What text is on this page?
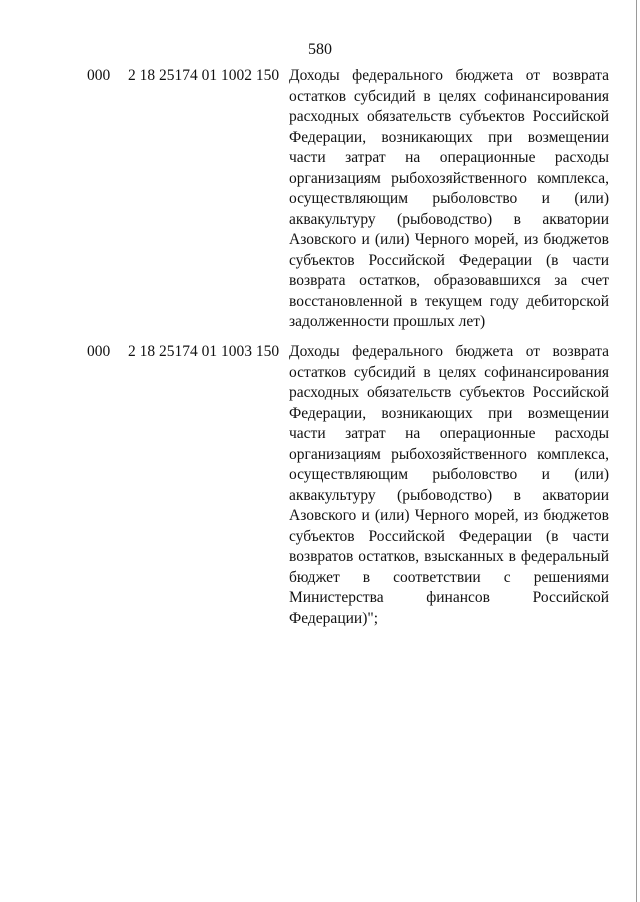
580
000 2 18 25174 01 1002 150 Доходы федерального бюджета от возврата остатков субсидий в целях софинансирования расходных обязательств субъектов Российской Федерации, возникающих при возмещении части затрат на операционные расходы организациям рыбохозяйственного комплекса, осуществляющим рыболовство и (или) аквакультуру (рыбоводство) в акватории Азовского и (или) Черного морей, из бюджетов субъектов Российской Федерации (в части возврата остатков, образовавшихся за счет восстановленной в текущем году дебиторской задолженности прошлых лет)
000 2 18 25174 01 1003 150 Доходы федерального бюджета от возврата остатков субсидий в целях софинансирования расходных обязательств субъектов Российской Федерации, возникающих при возмещении части затрат на операционные расходы организациям рыбохозяйственного комплекса, осуществляющим рыболовство и (или) аквакультуру (рыбоводство) в акватории Азовского и (или) Черного морей, из бюджетов субъектов Российской Федерации (в части возвратов остатков, взысканных в федеральный бюджет в соответствии с решениями Министерства финансов Российской Федерации)";
